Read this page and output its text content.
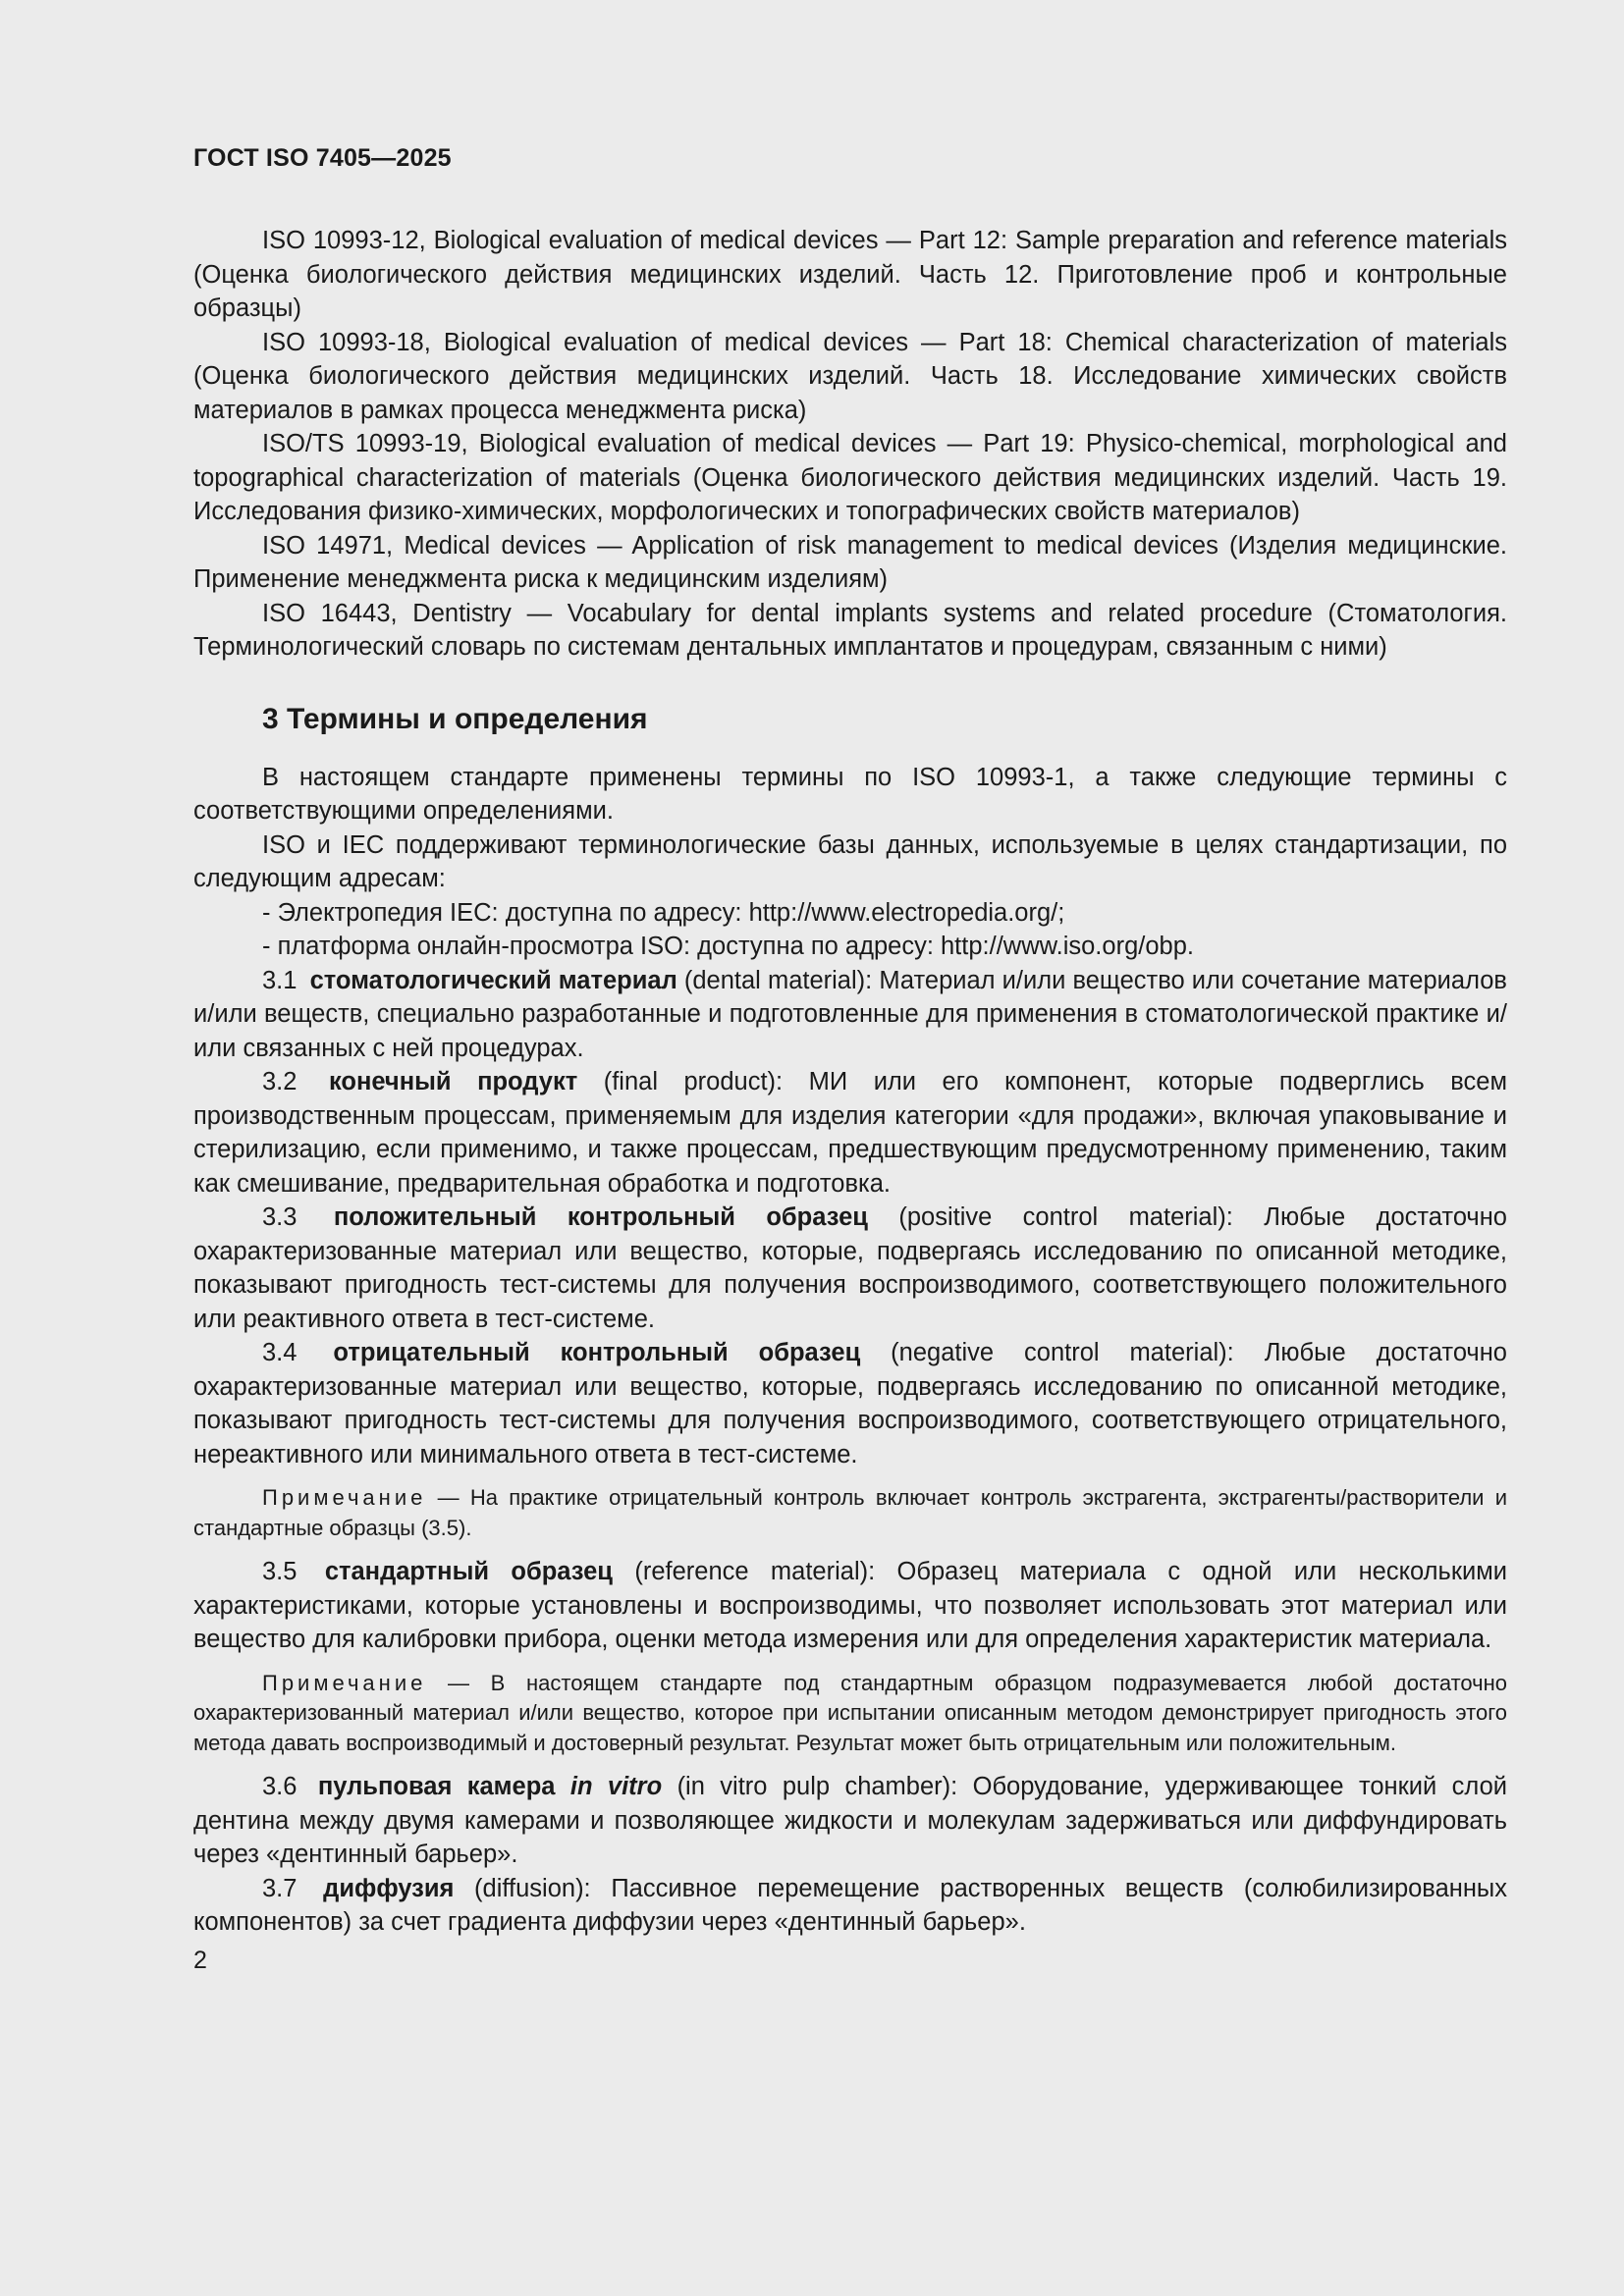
ГОСТ ISO 7405—2025

ISO 10993-12, Biological evaluation of medical devices — Part 12: Sample preparation and reference materials (Оценка биологического действия медицинских изделий. Часть 12. Приготовление проб и контрольные образцы)

ISO 10993-18, Biological evaluation of medical devices — Part 18: Chemical characterization of materials (Оценка биологического действия медицинских изделий. Часть 18. Исследование химических свойств материалов в рамках процесса менеджмента риска)

ISO/TS 10993-19, Biological evaluation of medical devices — Part 19: Physico-chemical, morphological and topographical characterization of materials (Оценка биологического действия медицинских изделий. Часть 19. Исследования физико-химических, морфологических и топографических свойств материалов)

ISO 14971, Medical devices — Application of risk management to medical devices (Изделия медицинские. Применение менеджмента риска к медицинским изделиям)

ISO 16443, Dentistry — Vocabulary for dental implants systems and related procedure (Стоматология. Терминологический словарь по системам дентальных имплантатов и процедурам, связанным с ними)

3 Термины и определения

В настоящем стандарте применены термины по ISO 10993-1, а также следующие термины с соответствующими определениями.

ISO и IEC поддерживают терминологические базы данных, используемые в целях стандартизации, по следующим адресам:

- Электропедия IEC: доступна по адресу: http://www.electropedia.org/;

- платформа онлайн-просмотра ISO: доступна по адресу: http://www.iso.org/obp.

3.1 стоматологический материал (dental material): Материал и/или вещество или сочетание материалов и/или веществ, специально разработанные и подготовленные для применения в стоматологической практике и/или связанных с ней процедурах.

3.2 конечный продукт (final product): МИ или его компонент, которые подверглись всем производственным процессам, применяемым для изделия категории «для продажи», включая упаковывание и стерилизацию, если применимо, и также процессам, предшествующим предусмотренному применению, таким как смешивание, предварительная обработка и подготовка.

3.3 положительный контрольный образец (positive control material): Любые достаточно охарактеризованные материал или вещество, которые, подвергаясь исследованию по описанной методике, показывают пригодность тест-системы для получения воспроизводимого, соответствующего положительного или реактивного ответа в тест-системе.

3.4 отрицательный контрольный образец (negative control material): Любые достаточно охарактеризованные материал или вещество, которые, подвергаясь исследованию по описанной методике, показывают пригодность тест-системы для получения воспроизводимого, соответствующего отрицательного, нереактивного или минимального ответа в тест-системе.

Примечание — На практике отрицательный контроль включает контроль экстрагента, экстрагенты/растворители и стандартные образцы (3.5).

3.5 стандартный образец (reference material): Образец материала с одной или несколькими характеристиками, которые установлены и воспроизводимы, что позволяет использовать этот материал или вещество для калибровки прибора, оценки метода измерения или для определения характеристик материала.

Примечание — В настоящем стандарте под стандартным образцом подразумевается любой достаточно охарактеризованный материал и/или вещество, которое при испытании описанным методом демонстрирует пригодность этого метода давать воспроизводимый и достоверный результат. Результат может быть отрицательным или положительным.

3.6 пульповая камера in vitro (in vitro pulp chamber): Оборудование, удерживающее тонкий слой дентина между двумя камерами и позволяющее жидкости и молекулам задерживаться или диффундировать через «дентинный барьер».

3.7 диффузия (diffusion): Пассивное перемещение растворенных веществ (солюбилизированных компонентов) за счет градиента диффузии через «дентинный барьер».

2
